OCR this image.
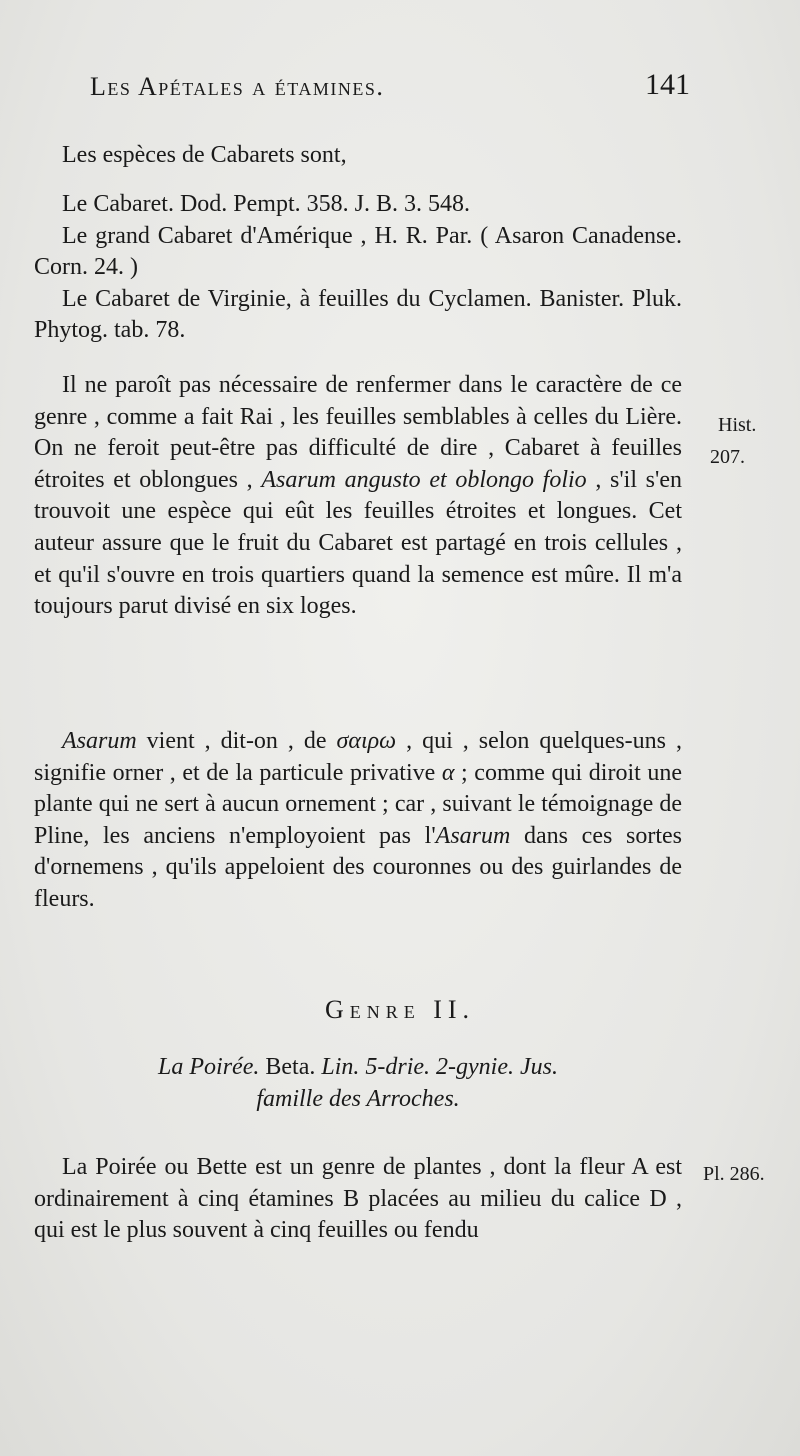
Les Apétales a étamines.	141

Les espèces de Cabarets sont,

Le Cabaret. Dod. Pempt. 358. J. B. 3. 548.

Le grand Cabaret d'Amérique , H. R. Par. ( Asaron Canadense. Corn. 24. )

Le Cabaret de Virginie, à feuilles du Cyclamen. Banister. Pluk. Phytog. tab. 78.

Il ne paroît pas nécessaire de renfermer dans le caractère de ce genre , comme a fait Rai , les feuilles semblables à celles du Lière. On ne feroit peut-être pas difficulté de dire , Cabaret à feuilles étroites et oblongues , Asarum angusto et oblongo folio , s'il s'en trouvoit une espèce qui eût les feuilles étroites et longues. Cet auteur assure que le fruit du Cabaret est partagé en trois cellules , et qu'il s'ouvre en trois quartiers quand la semence est mûre. Il m'a toujours parut divisé en six loges.

Asarum vient , dit-on , de σαιρω , qui , selon quelques-uns , signifie orner , et de la particule privative α ; comme qui diroit une plante qui ne sert à aucun ornement ; car , suivant le témoignage de Pline, les anciens n'employoient pas l'Asarum dans ces sortes d'ornemens , qu'ils appeloient des couronnes ou des guirlandes de fleurs.

Genre II.

La Poirée. Beta. Lin. 5-drie. 2-gynie. Jus.

famille des Arroches.

La Poirée ou Bette est un genre de plantes , dont la fleur A est ordinairement à cinq étamines B placées au milieu du calice D , qui est le plus souvent à cinq feuilles ou fendu

Hist.
207.
Pl. 286.
